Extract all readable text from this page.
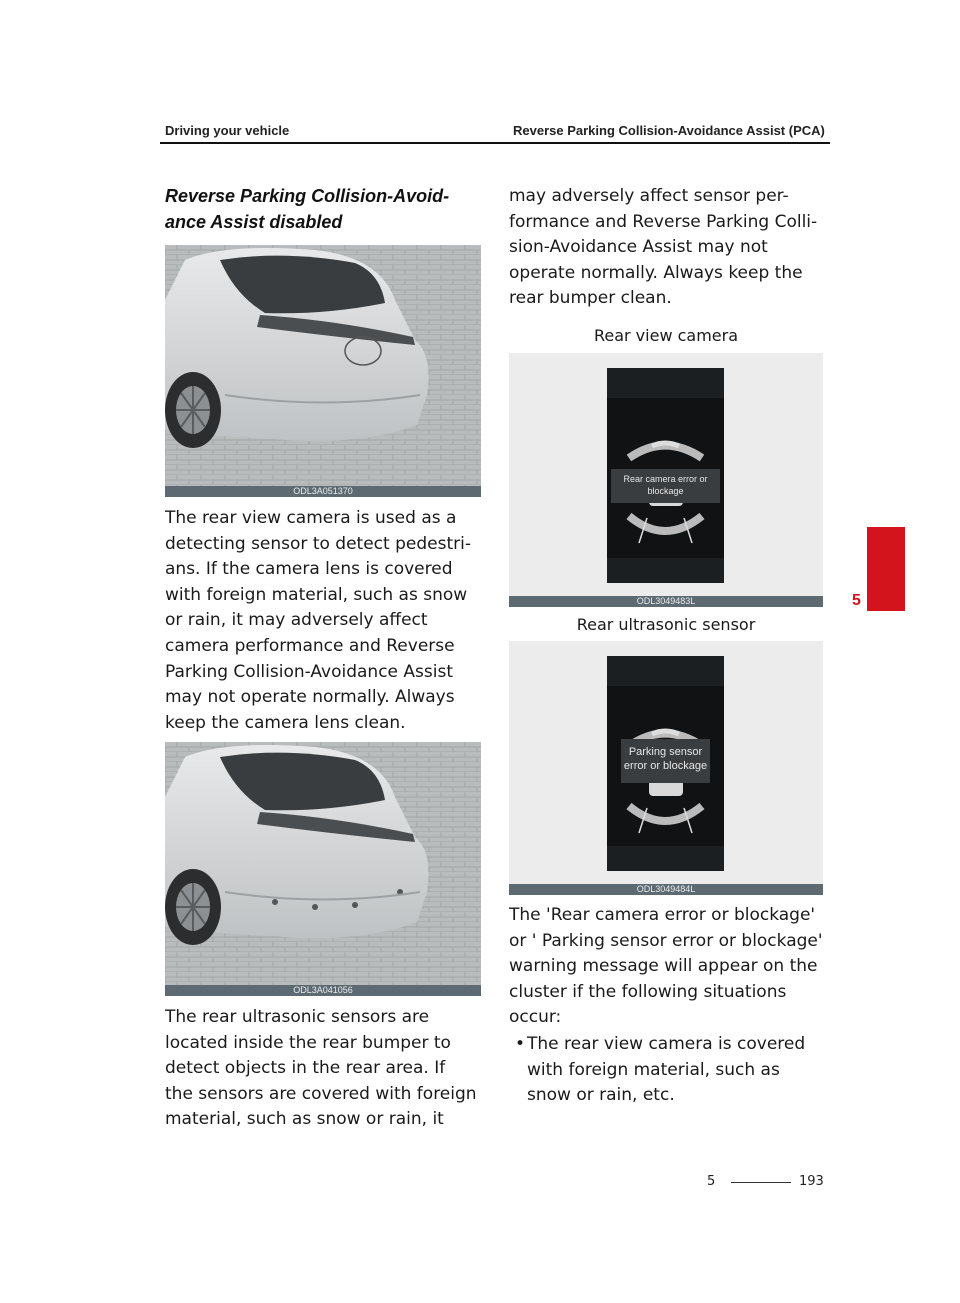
Driving your vehicle	Reverse Parking Collision-Avoidance Assist (PCA)
Reverse Parking Collision-Avoid-
ance Assist disabled
ODL3A051370
The rear view camera is used as a
detecting sensor to detect pedestri-
ans. If the camera lens is covered
with foreign material, such as snow
or rain, it may adversely affect
camera performance and Reverse
Parking Collision-Avoidance Assist
may not operate normally. Always
keep the camera lens clean.
ODL3A041056
The rear ultrasonic sensors are
located inside the rear bumper to
detect objects in the rear area. If
the sensors are covered with foreign
material, such as snow or rain, it
may adversely affect sensor per-
formance and Reverse Parking Colli-
sion-Avoidance Assist may not
operate normally. Always keep the
rear bumper clean.
Rear view camera
Rear camera error or
blockage
ODL3049483L
Rear ultrasonic sensor
Parking sensor
error or blockage
ODL3049484L
The 'Rear camera error or blockage'
or ' Parking sensor error or blockage'
warning message will appear on the
cluster if the following situations
occur:
• The rear view camera is covered
with foreign material, such as
snow or rain, etc.
5
5	193
